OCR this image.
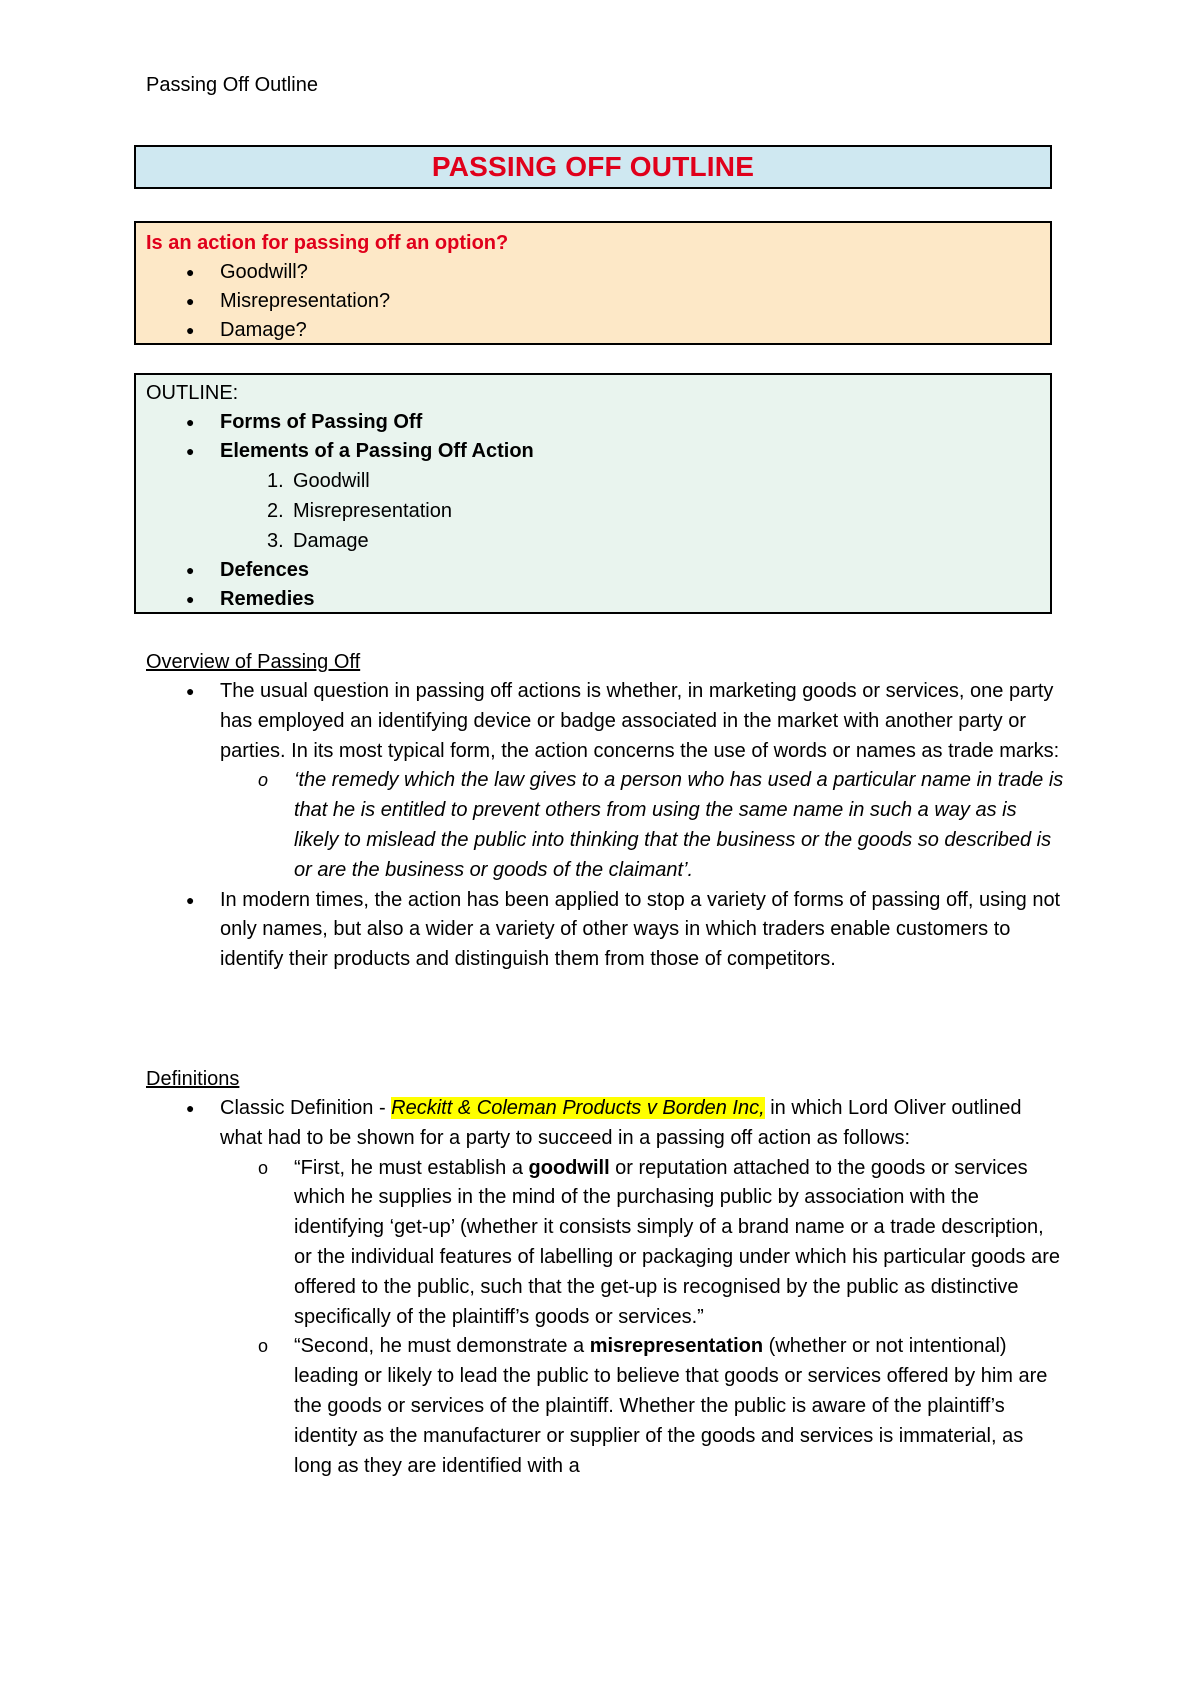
Passing Off Outline
PASSING OFF OUTLINE
Is an action for passing off an option?
● Goodwill?
● Misrepresentation?
● Damage?
OUTLINE:
● Forms of Passing Off
● Elements of a Passing Off Action
1. Goodwill
2. Misrepresentation
3. Damage
● Defences
● Remedies
Overview of Passing Off
● The usual question in passing off actions is whether, in marketing goods or services, one party has employed an identifying device or badge associated in the market with another party or parties. In its most typical form, the action concerns the use of words or names as trade marks:
o ‘the remedy which the law gives to a person who has used a particular name in trade is that he is entitled to prevent others from using the same name in such a way as is likely to mislead the public into thinking that the business or the goods so described is or are the business or goods of the claimant’.
● In modern times, the action has been applied to stop a variety of forms of passing off, using not only names, but also a wider a variety of other ways in which traders enable customers to identify their products and distinguish them from those of competitors.
Definitions
● Classic Definition - Reckitt & Coleman Products v Borden Inc, in which Lord Oliver outlined what had to be shown for a party to succeed in a passing off action as follows:
o “First, he must establish a goodwill or reputation attached to the goods or services which he supplies in the mind of the purchasing public by association with the identifying ‘get-up’ (whether it consists simply of a brand name or a trade description, or the individual features of labelling or packaging under which his particular goods are offered to the public, such that the get-up is recognised by the public as distinctive specifically of the plaintiff’s goods or services.”
o “Second, he must demonstrate a misrepresentation (whether or not intentional) leading or likely to lead the public to believe that goods or services offered by him are the goods or services of the plaintiff. Whether the public is aware of the plaintiff’s identity as the manufacturer or supplier of the goods and services is immaterial, as long as they are identified with a
